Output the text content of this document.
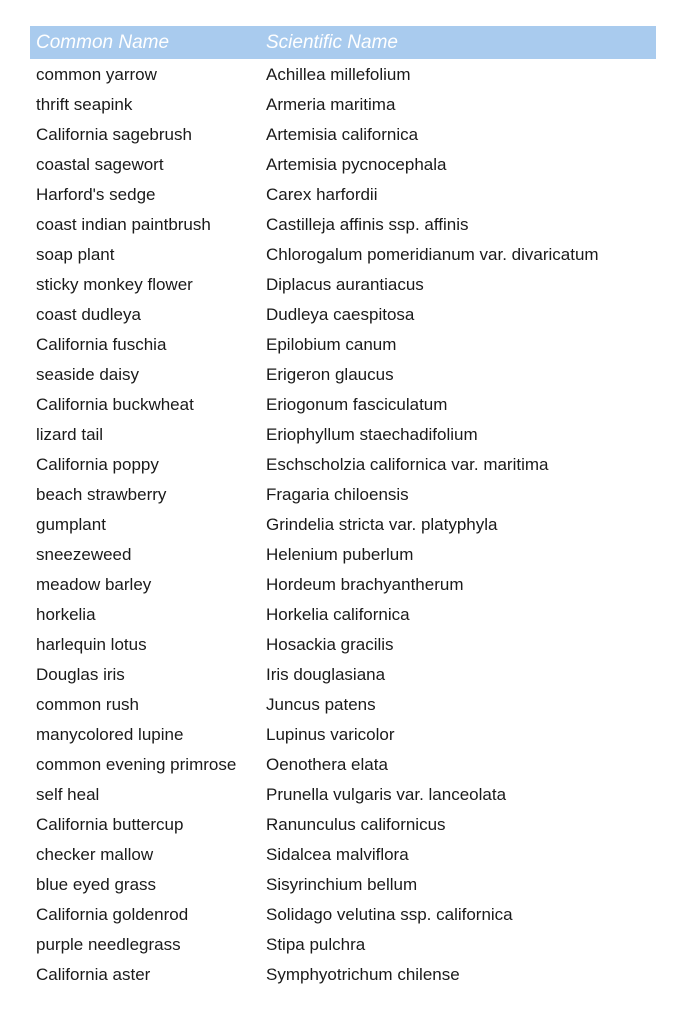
Common Name	Scientific Name
common yarrow	Achillea millefolium
thrift seapink	Armeria maritima
California sagebrush	Artemisia californica
coastal sagewort	Artemisia pycnocephala
Harford's sedge	Carex harfordii
coast indian paintbrush	Castilleja affinis ssp. affinis
soap plant	Chlorogalum pomeridianum var. divaricatum
sticky monkey flower	Diplacus aurantiacus
coast dudleya	Dudleya caespitosa
California fuschia	Epilobium canum
seaside daisy	Erigeron glaucus
California buckwheat	Eriogonum fasciculatum
lizard tail	Eriophyllum staechadifolium
California poppy	Eschscholzia californica var. maritima
beach strawberry	Fragaria chiloensis
gumplant	Grindelia stricta var. platyphyla
sneezeweed	Helenium puberlum
meadow barley	Hordeum brachyantherum
horkelia	Horkelia californica
harlequin lotus	Hosackia gracilis
Douglas iris	Iris douglasiana
common rush	Juncus patens
manycolored lupine	Lupinus varicolor
common evening primrose	Oenothera elata
self heal	Prunella vulgaris var. lanceolata
California buttercup	Ranunculus californicus
checker mallow	Sidalcea malviflora
blue eyed grass	Sisyrinchium bellum
California goldenrod	Solidago velutina ssp. californica
purple needlegrass	Stipa pulchra
California aster	Symphyotrichum chilense
